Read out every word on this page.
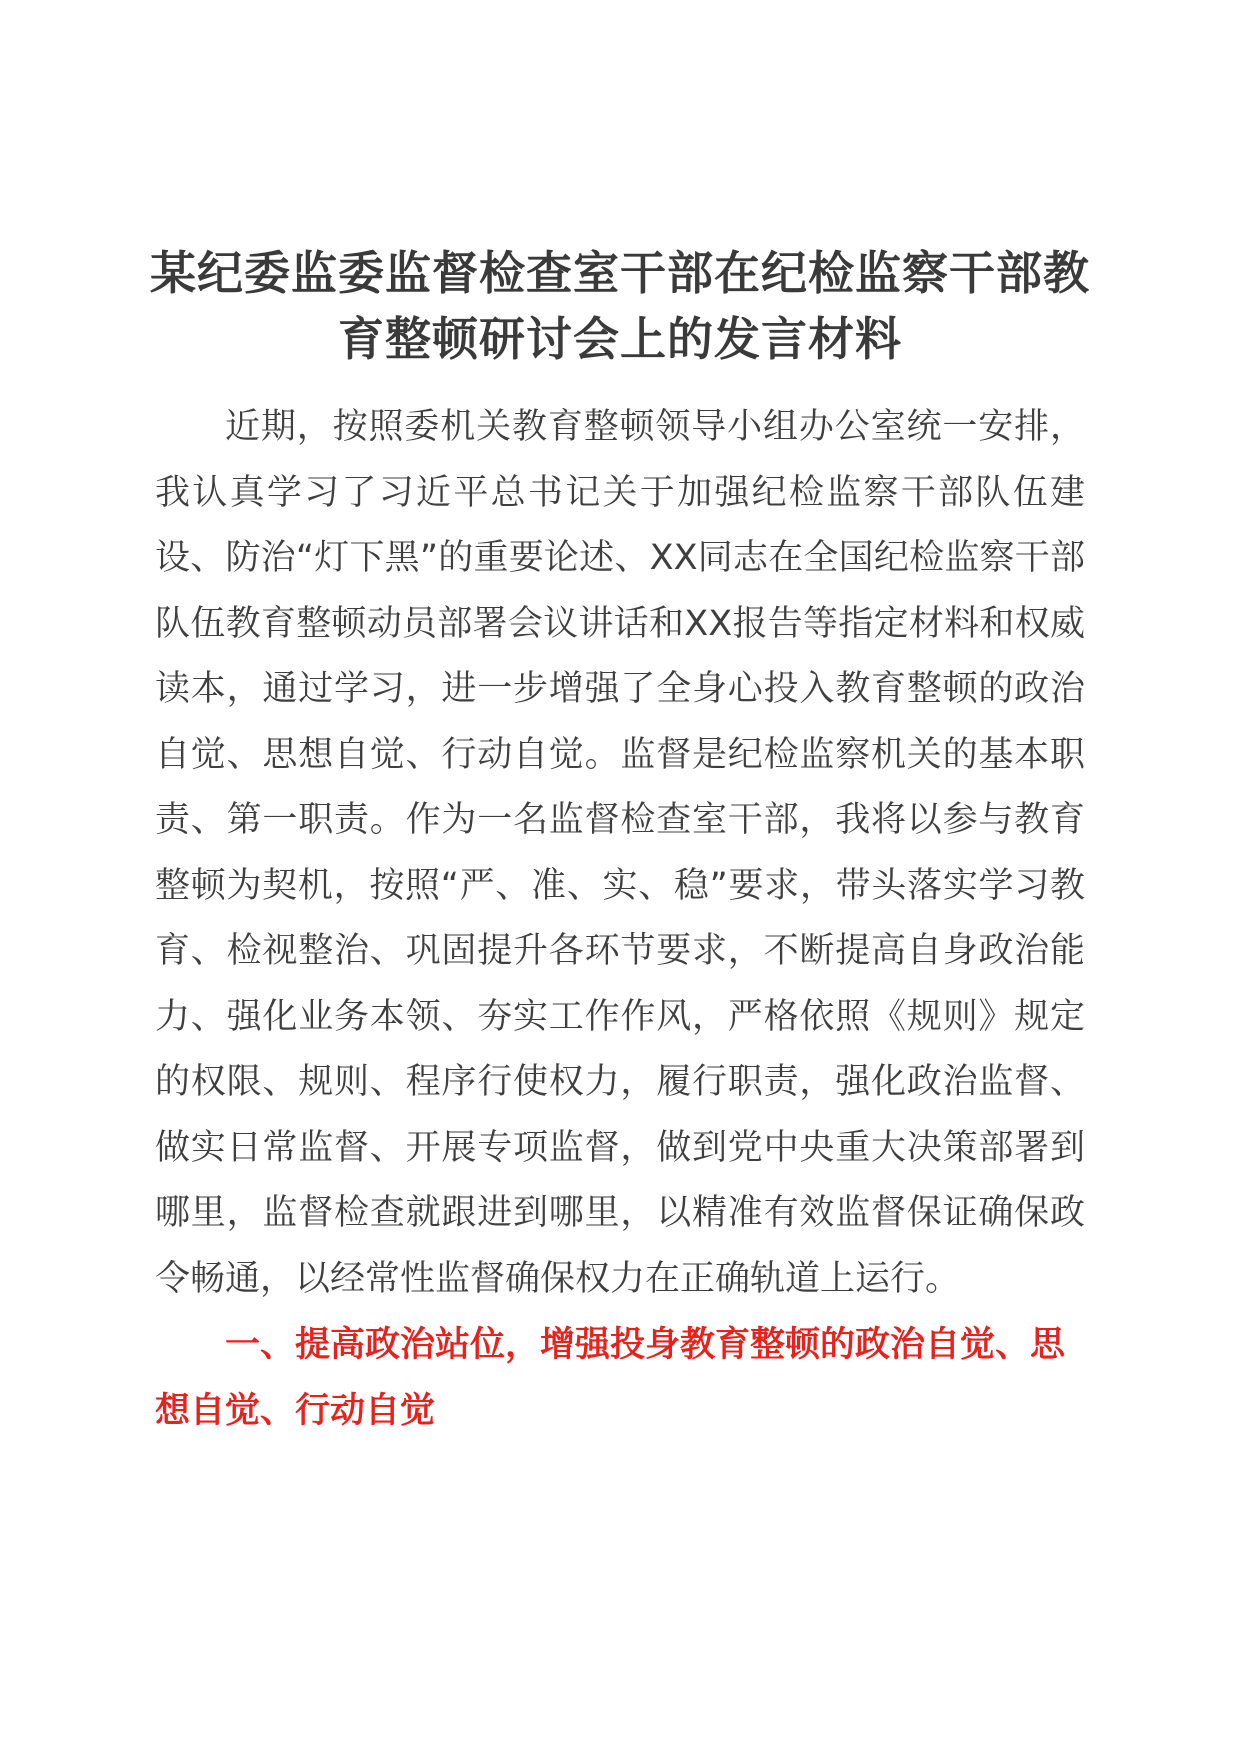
某纪委监委监督检查室干部在纪检监察干部教育整顿研讨会上的发言材料

近期，按照委机关教育整顿领导小组办公室统一安排，我认真学习了习近平总书记关于加强纪检监察干部队伍建设、防治“灯下黑”的重要论述、XX同志在全国纪检监察干部队伍教育整顿动员部署会议讲话和XX报告等指定材料和权威读本，通过学习，进一步增强了全身心投入教育整顿的政治自觉、思想自觉、行动自觉。监督是纪检监察机关的基本职责、第一职责。作为一名监督检查室干部，我将以参与教育整顿为契机，按照“严、准、实、稳”要求，带头落实学习教育、检视整治、巩固提升各环节要求，不断提高自身政治能力、强化业务本领、夯实工作作风，严格依照《规则》规定的权限、规则、程序行使权力，履行职责，强化政治监督、做实日常监督、开展专项监督，做到党中央重大决策部署到哪里，监督检查就跟进到哪里，以精准有效监督保证确保政令畅通，以经常性监督确保权力在正确轨道上运行。

一、提高政治站位，增强投身教育整顿的政治自觉、思想自觉、行动自觉
